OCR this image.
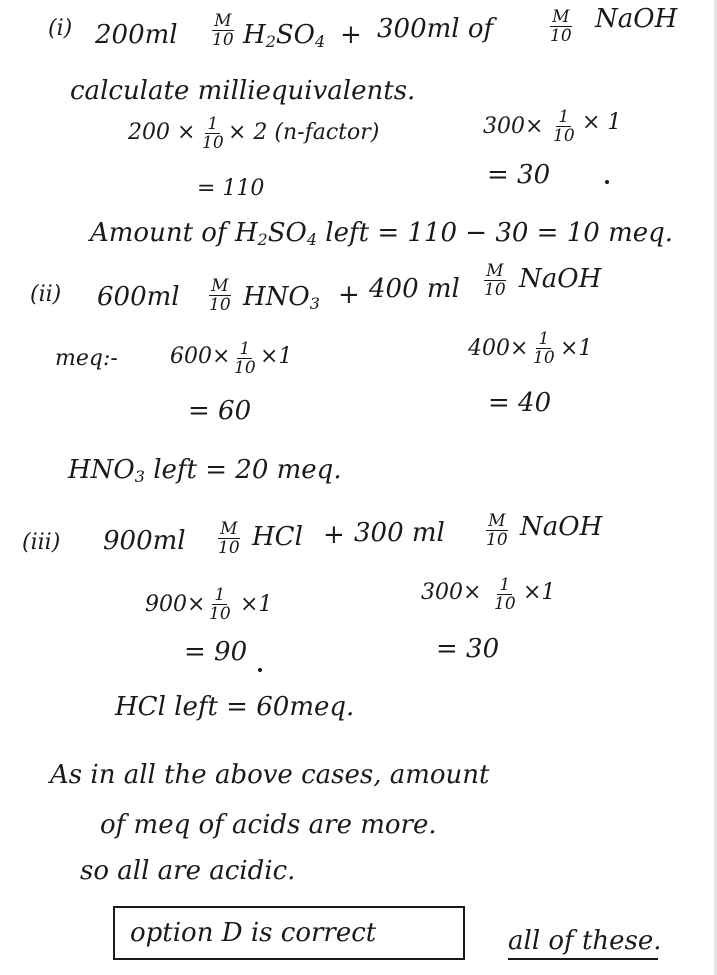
(i) $200ml \frac{M}{10} H_2SO_4 + 300ml$ of	$\frac{M}{10}$ NaOH
calculate milliequivalents.
$200 \times \frac{1}{10} \times 2$ (n-factor)	$300\times \frac{1}{10} \times 1$
= 110	= 30
Amount of $H_2SO_4$ left = 110 − 30 = 10 meq.
(ii) $600ml \frac{M}{10} HNO_3 + 400$ ml $\frac{M}{10}$ NaOH
meq:- $600\times \frac{1}{10} \times 1$	$400\times \frac{1}{10} \times 1$
= 60	= 40
$HNO_3$ left = 20 meq.
(iii) $900ml \frac{M}{10}$ HCl + 300 ml $\frac{M}{10}$ NaOH
$900\times \frac{1}{10} \times 1$	$300\times \frac{1}{10} \times 1$
= 90	= 30
HCl left = 60meq.
As in all the above cases, amount
of meq of acids are more.
so all are acidic.
option D is correct	all of these.
